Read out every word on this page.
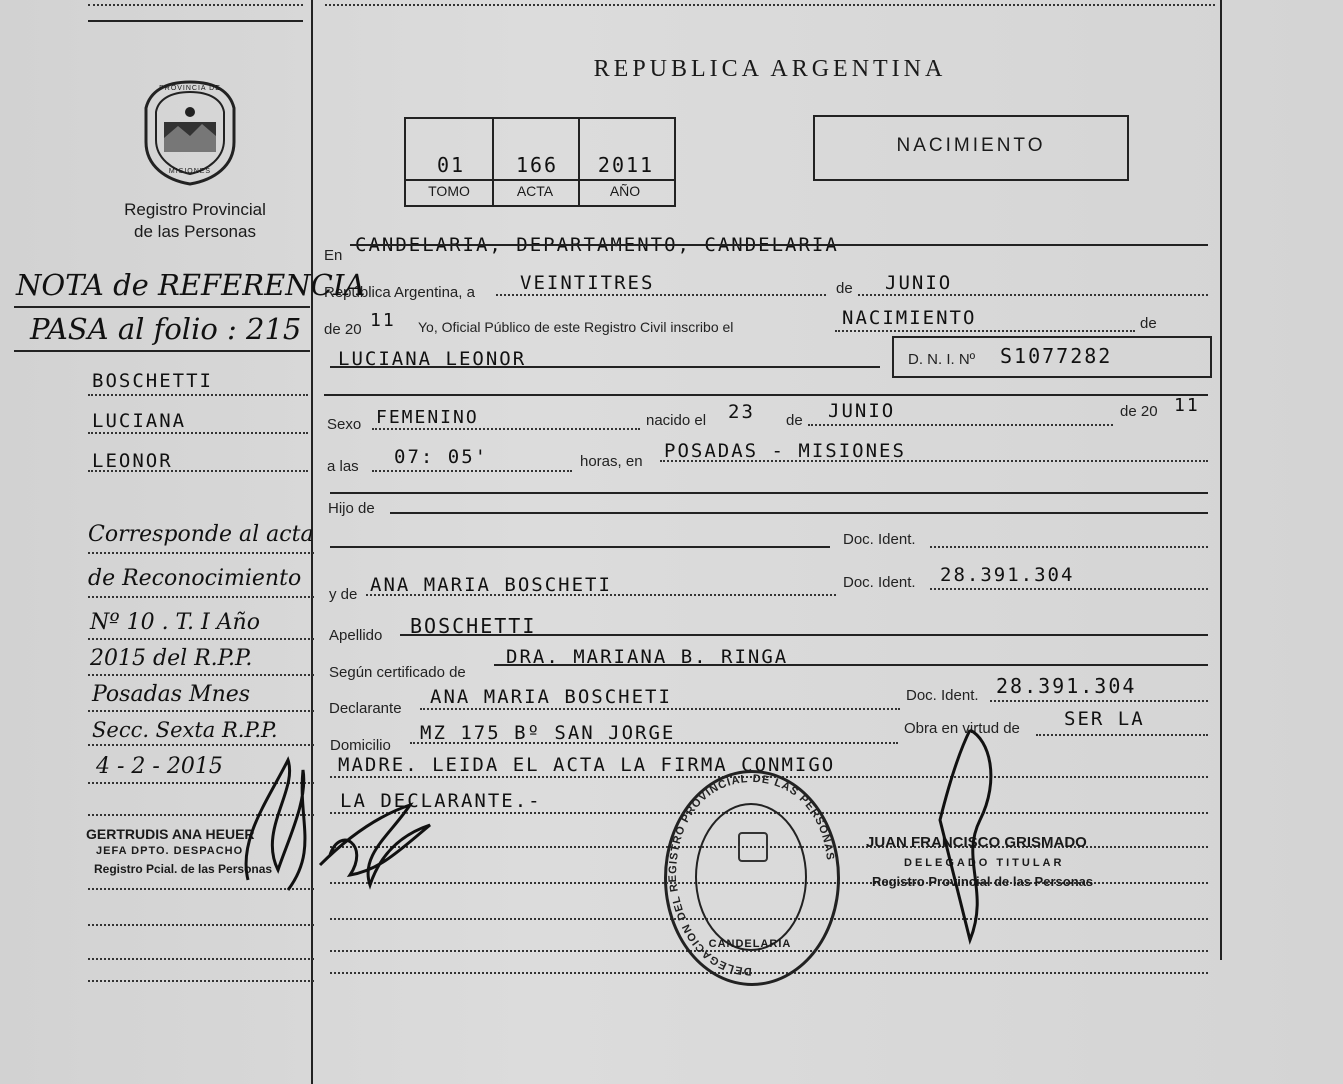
PROVINCIA DE
MISIONES
Registro Provincial
de las Personas
REPUBLICA ARGENTINA
01	166	2011
TOMO	ACTA	AÑO
NACIMIENTO
En CANDELARIA, DEPARTAMENTO, CANDELARIA
República Argentina, a VEINTITRES	de JUNIO
de 20 11 Yo, Oficial Público de este Registro Civil inscribo el	NACIMIENTO	de
LUCIANA LEONOR	D. N. I. Nº S1077282
Sexo FEMENINO	nacido el 23 de JUNIO	de 20 11
a las 07: 05'	horas, en POSADAS - MISIONES
Hijo de
Doc. Ident.
y de ANA MARIA BOSCHETI	Doc. Ident. 28.391.304
Apellido BOSCHETTI
Según certificado de
DRA. MARIANA B. RINGA
Declarante
ANA MARIA BOSCHETI	Doc. Ident. 28.391.304
Domicilio
MZ 175 Bº SAN JORGE	Obra en virtud de SER LA
MADRE. LEIDA EL ACTA LA FIRMA CONMIGO
LA DECLARANTE.-
NOTA de REFERENCIA
PASA al folio : 215
BOSCHETTI
LUCIANA
LEONOR
Corresponde al acta
de Reconocimiento
Nº 10 . T. I Año
2015 del R.P.P.
Posadas Mnes
Secc. Sexta R.P.P.
4 - 2 - 2015
GERTRUDIS ANA HEUER
JEFA DPTO. DESPACHO
Registro Pcial. de las Personas
DELEGACION DEL REGISTRO PROVINCIAL DE LAS PERSONAS
CANDELARIA
JUAN FRANCISCO GRISMADO
DELEGADO TITULAR
Registro Provincial de las Personas
